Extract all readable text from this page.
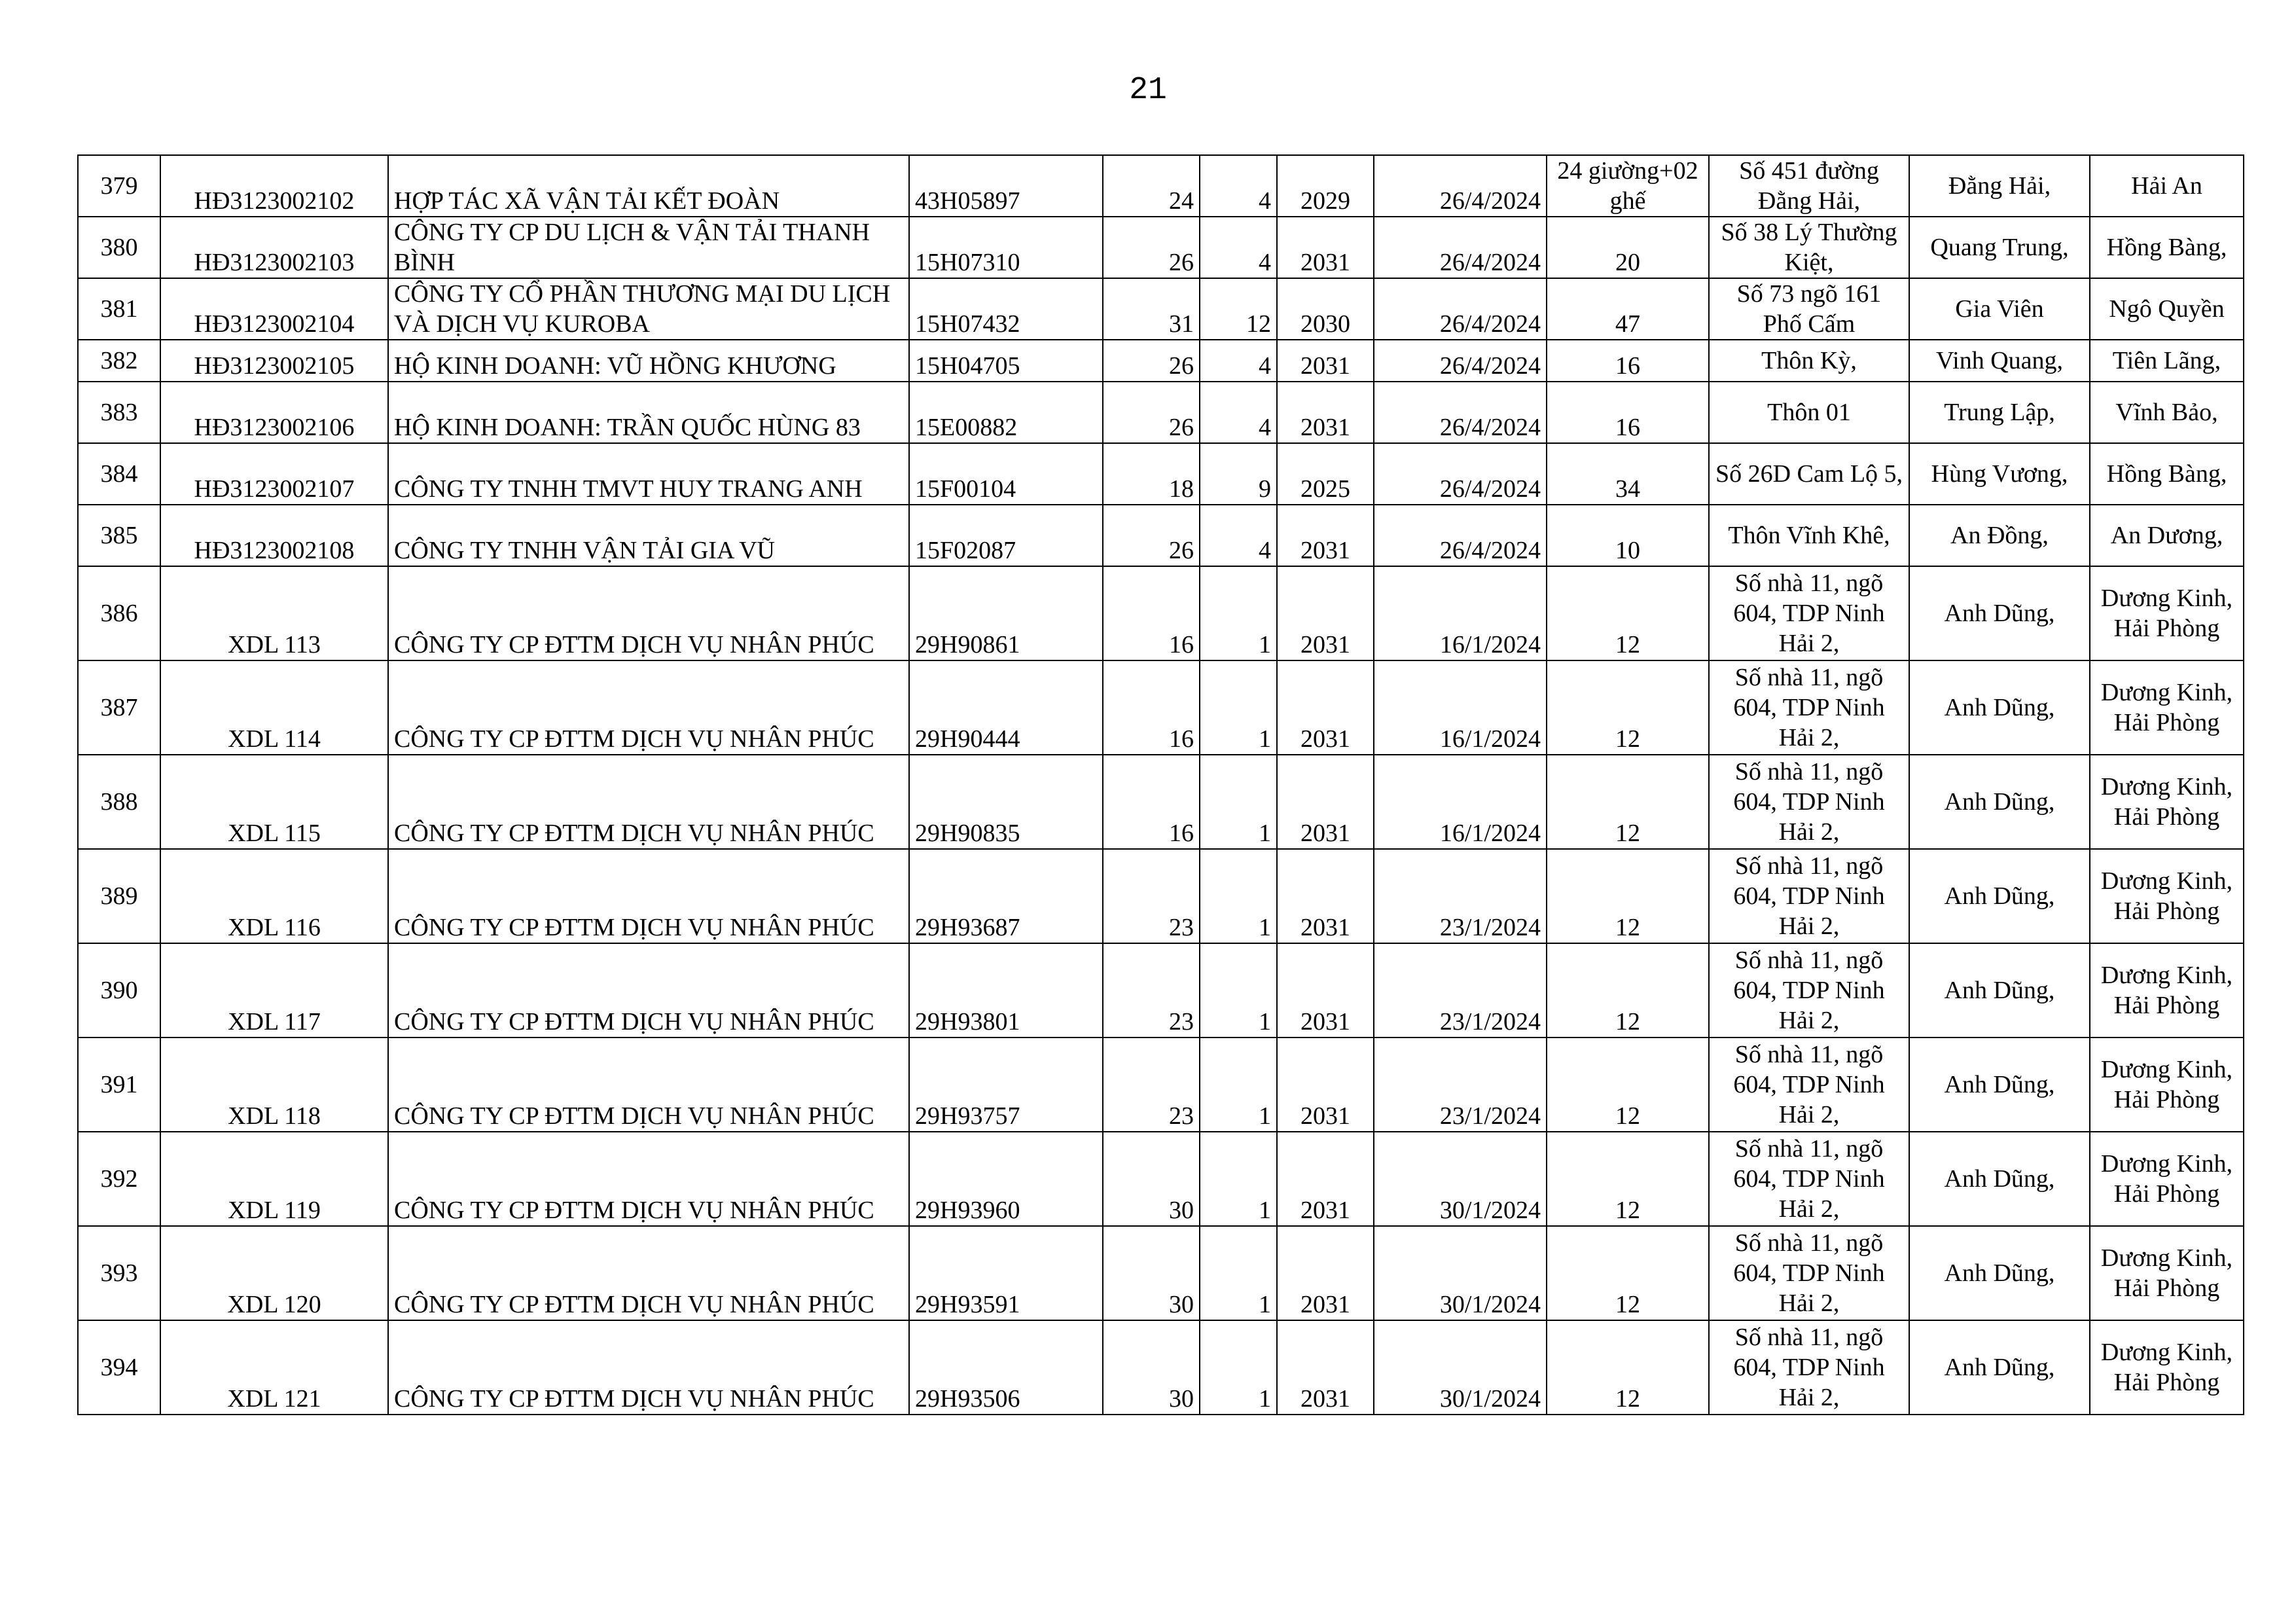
21
379	HĐ3123002102	HỢP TÁC XÃ VẬN TẢI KẾT ĐOÀN	43H05897	24	4	2029	26/4/2024	24 giường+02 ghế	Số 451 đường Đằng Hải,	Đằng Hải,	Hải An
380	HĐ3123002103	CÔNG TY CP DU LỊCH & VẬN TẢI THANH BÌNH	15H07310	26	4	2031	26/4/2024	20	Số 38 Lý Thường Kiệt,	Quang Trung,	Hồng Bàng,
381	HĐ3123002104	CÔNG TY CỔ PHẦN THƯƠNG MẠI DU LỊCH VÀ DỊCH VỤ KUROBA	15H07432	31	12	2030	26/4/2024	47	Số 73 ngõ 161 Phố Cấm	Gia Viên	Ngô Quyền
382	HĐ3123002105	HỘ KINH DOANH: VŨ HỒNG KHƯƠNG	15H04705	26	4	2031	26/4/2024	16	Thôn Kỳ,	Vinh Quang,	Tiên Lãng,
383	HĐ3123002106	HỘ KINH DOANH: TRẦN QUỐC HÙNG 83	15E00882	26	4	2031	26/4/2024	16	Thôn 01	Trung Lập,	Vĩnh Bảo,
384	HĐ3123002107	CÔNG TY TNHH TMVT HUY TRANG ANH	15F00104	18	9	2025	26/4/2024	34	Số 26D Cam Lộ 5,	Hùng Vương,	Hồng Bàng,
385	HĐ3123002108	CÔNG TY TNHH VẬN TẢI GIA VŨ	15F02087	26	4	2031	26/4/2024	10	Thôn Vĩnh Khê,	An Đồng,	An Dương,
386	XDL 113	CÔNG TY CP ĐTTM DỊCH VỤ NHÂN PHÚC	29H90861	16	1	2031	16/1/2024	12	Số nhà 11, ngõ 604, TDP Ninh Hải 2,	Anh Dũng,	Dương Kinh, Hải Phòng
387	XDL 114	CÔNG TY CP ĐTTM DỊCH VỤ NHÂN PHÚC	29H90444	16	1	2031	16/1/2024	12	Số nhà 11, ngõ 604, TDP Ninh Hải 2,	Anh Dũng,	Dương Kinh, Hải Phòng
388	XDL 115	CÔNG TY CP ĐTTM DỊCH VỤ NHÂN PHÚC	29H90835	16	1	2031	16/1/2024	12	Số nhà 11, ngõ 604, TDP Ninh Hải 2,	Anh Dũng,	Dương Kinh, Hải Phòng
389	XDL 116	CÔNG TY CP ĐTTM DỊCH VỤ NHÂN PHÚC	29H93687	23	1	2031	23/1/2024	12	Số nhà 11, ngõ 604, TDP Ninh Hải 2,	Anh Dũng,	Dương Kinh, Hải Phòng
390	XDL 117	CÔNG TY CP ĐTTM DỊCH VỤ NHÂN PHÚC	29H93801	23	1	2031	23/1/2024	12	Số nhà 11, ngõ 604, TDP Ninh Hải 2,	Anh Dũng,	Dương Kinh, Hải Phòng
391	XDL 118	CÔNG TY CP ĐTTM DỊCH VỤ NHÂN PHÚC	29H93757	23	1	2031	23/1/2024	12	Số nhà 11, ngõ 604, TDP Ninh Hải 2,	Anh Dũng,	Dương Kinh, Hải Phòng
392	XDL 119	CÔNG TY CP ĐTTM DỊCH VỤ NHÂN PHÚC	29H93960	30	1	2031	30/1/2024	12	Số nhà 11, ngõ 604, TDP Ninh Hải 2,	Anh Dũng,	Dương Kinh, Hải Phòng
393	XDL 120	CÔNG TY CP ĐTTM DỊCH VỤ NHÂN PHÚC	29H93591	30	1	2031	30/1/2024	12	Số nhà 11, ngõ 604, TDP Ninh Hải 2,	Anh Dũng,	Dương Kinh, Hải Phòng
394	XDL 121	CÔNG TY CP ĐTTM DỊCH VỤ NHÂN PHÚC	29H93506	30	1	2031	30/1/2024	12	Số nhà 11, ngõ 604, TDP Ninh Hải 2,	Anh Dũng,	Dương Kinh, Hải Phòng
